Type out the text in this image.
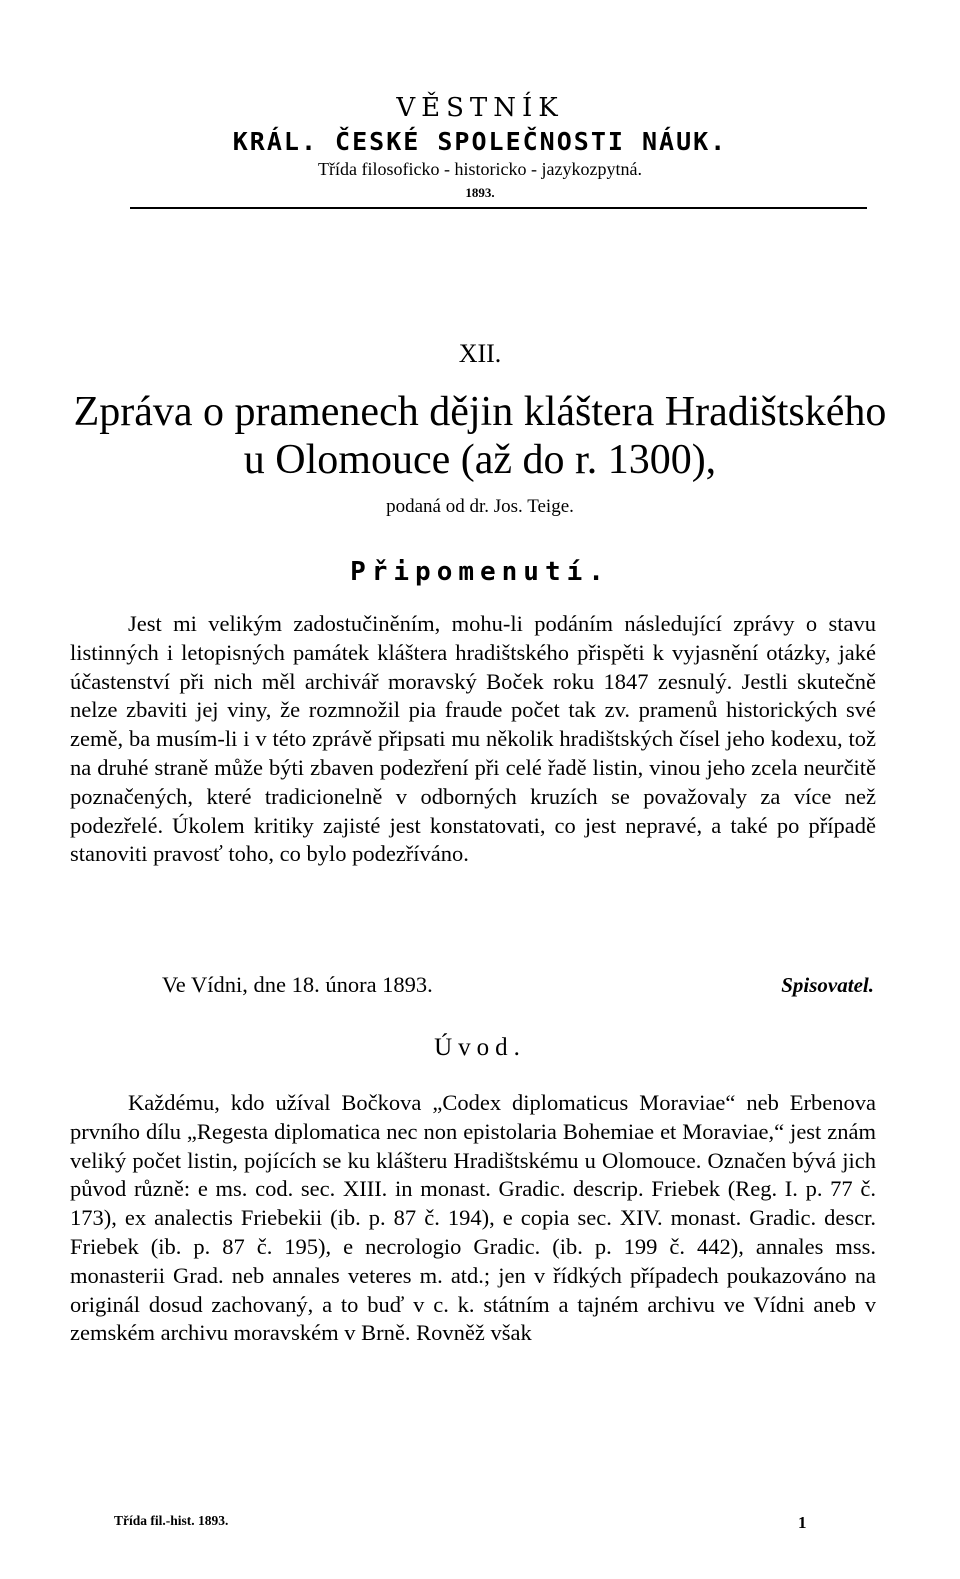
VĚSTNÍK
KRÁL. ČESKÉ SPOLEČNOSTI NÁUK.
Třída filosoficko - historicko - jazykozpytná.
1893.
XII.
Zpráva o pramenech dějin kláštera Hradištského
u Olomouce (až do r. 1300),
podaná od dr. Jos. Teige.
Připomenutí.

Jest mi velikým zadostučiněním, mohu-li podáním následující zprávy o stavu listinných i letopisných památek kláštera hradištského přispěti k vyjasnění otázky, jaké účastenství při nich měl archivář moravský Boček roku 1847 zesnulý. Jestli skutečně nelze zbaviti jej viny, že rozmnožil pia fraude počet tak zv. pramenů historických své země, ba musím-li i v této zprávě připsati mu několik hradištských čísel jeho kodexu, tož na druhé straně může býti zbaven podezření při celé řadě listin, vinou jeho zcela neurčitě poznačených, které tradicionelně v odborných kruzích se považovaly za více než podezřelé. Úkolem kritiky zajisté jest konstatovati, co jest nepravé, a také po případě stanoviti pravosť toho, co bylo podezříváno.

Ve Vídni, dne 18. února 1893.	Spisovatel.
Úvod.

Každému, kdo užíval Bočkova „Codex diplomaticus Moraviae“ neb Erbenova prvního dílu „Regesta diplomatica nec non epistolaria Bohemiae et Moraviae,“ jest znám veliký počet listin, pojících se ku klášteru Hradištskému u Olomouce. Označen bývá jich původ různě: e ms. cod. sec. XIII. in monast. Gradic. descrip. Friebek (Reg. I. p. 77 č. 173), ex analectis Friebekii (ib. p. 87 č. 194), e copia sec. XIV. monast. Gradic. descr. Friebek (ib. p. 87 č. 195), e necrologio Gradic. (ib. p. 199 č. 442), annales mss. monasterii Grad. neb annales veteres m. atd.; jen v řídkých případech poukazováno na originál dosud zachovaný, a to buď v c. k. státním a tajném archivu ve Vídni aneb v zemském archivu moravském v Brně. Rovněž však

Třída fil.-hist. 1893.	1
